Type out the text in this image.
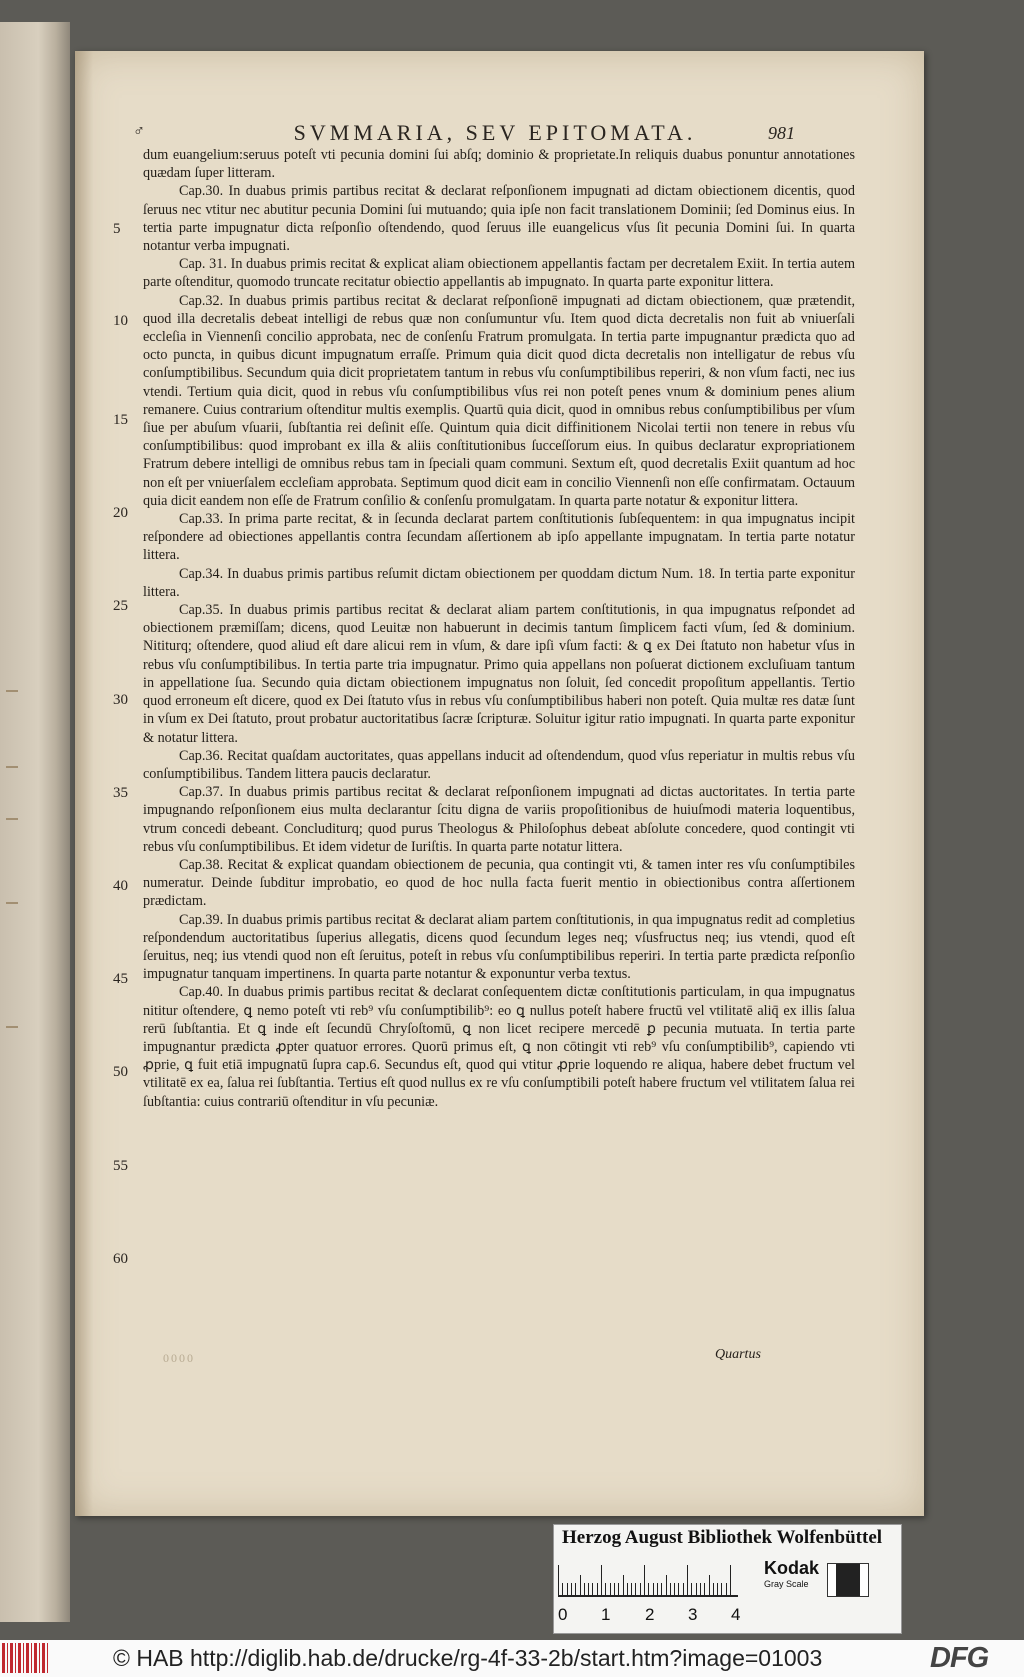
♂	SVMMARIA, SEV EPITOMATA.	981
5
10
15
20
25
30
35
40
45
50
55
60

dum euangelium:seruus poteſt vti pecunia domini ſui abſq; dominio & proprietate.In reliquis duabus ponuntur annotationes quædam ſuper litteram.

Cap.30. In duabus primis partibus recitat & declarat reſponſionem impugnati ad dictam obiectionem dicentis, quod ſeruus nec vtitur nec abutitur pecunia Domini ſui mutuando; quia ipſe non facit translationem Dominii; ſed Dominus eius. In tertia parte impugnatur dicta reſponſio oſtendendo, quod ſeruus ille euangelicus vſus ſit pecunia Domini ſui. In quarta notantur verba impugnati.

Cap. 31. In duabus primis recitat & explicat aliam obiectionem appellantis factam per decretalem Exiit. In tertia autem parte oſtenditur, quomodo truncate recitatur obiectio appellantis ab impugnato. In quarta parte exponitur littera.

Cap.32. In duabus primis partibus recitat & declarat reſponſionē impugnati ad dictam obiectionem, quæ prætendit, quod illa decretalis debeat intelligi de rebus quæ non conſumuntur vſu. Item quod dicta decretalis non fuit ab vniuerſali eccleſia in Viennenſi concilio approbata, nec de conſenſu Fratrum promulgata. In tertia parte impugnantur prædicta quo ad octo puncta, in quibus dicunt impugnatum erraſſe. Primum quia dicit quod dicta decretalis non intelligatur de rebus vſu conſumptibilibus. Secundum quia dicit proprietatem tantum in rebus vſu conſumptibilibus reperiri, & non vſum facti, nec ius vtendi. Tertium quia dicit, quod in rebus vſu conſumptibilibus vſus rei non poteſt penes vnum & dominium penes alium remanere. Cuius contrarium oſtenditur multis exemplis. Quartū quia dicit, quod in omnibus rebus conſumptibilibus per vſum ſiue per abuſum vſuarii, ſubſtantia rei deſinit eſſe. Quintum quia dicit diffinitionem Nicolai tertii non tenere in rebus vſu conſumptibilibus: quod improbant ex illa & aliis conſtitutionibus ſucceſſorum eius. In quibus declaratur expropriationem Fratrum debere intelligi de omnibus rebus tam in ſpeciali quam communi. Sextum eſt, quod decretalis Exiit quantum ad hoc non eſt per vniuerſalem eccleſiam approbata. Septimum quod dicit eam in concilio Viennenſi non eſſe confirmatam. Octauum quia dicit eandem non eſſe de Fratrum conſilio & conſenſu promulgatam. In quarta parte notatur & exponitur littera.

Cap.33. In prima parte recitat, & in ſecunda declarat partem conſtitutionis ſubſequentem: in qua impugnatus incipit reſpondere ad obiectiones appellantis contra ſecundam aſſertionem ab ipſo appellante impugnatam. In tertia parte notatur littera.

Cap.34. In duabus primis partibus reſumit dictam obiectionem per quoddam dictum Num. 18. In tertia parte exponitur littera.

Cap.35. In duabus primis partibus recitat & declarat aliam partem conſtitutionis, in qua impugnatus reſpondet ad obiectionem præmiſſam; dicens, quod Leuitæ non habuerunt in decimis tantum ſimplicem facti vſum, ſed & dominium. Nititurq; oſtendere, quod aliud eſt dare alicui rem in vſum, & dare ipſi vſum facti: & ꝗ ex Dei ſtatuto non habetur vſus in rebus vſu conſumptibilibus. In tertia parte tria impugnatur. Primo quia appellans non poſuerat dictionem excluſiuam tantum in appellatione ſua. Secundo quia dictam obiectionem impugnatus non ſoluit, ſed concedit propoſitum appellantis. Tertio quod erroneum eſt dicere, quod ex Dei ſtatuto vſus in rebus vſu conſumptibilibus haberi non poteſt. Quia multæ res datæ ſunt in vſum ex Dei ſtatuto, prout probatur auctoritatibus ſacræ ſcripturæ. Soluitur igitur ratio impugnati. In quarta parte exponitur & notatur littera.

Cap.36. Recitat quaſdam auctoritates, quas appellans inducit ad oſtendendum, quod vſus reperiatur in multis rebus vſu conſumptibilibus. Tandem littera paucis declaratur.

Cap.37. In duabus primis partibus recitat & declarat reſponſionem impugnati ad dictas auctoritates. In tertia parte impugnando reſponſionem eius multa declarantur ſcitu digna de variis propoſitionibus de huiuſmodi materia loquentibus, vtrum concedi debeant. Concluditurq; quod purus Theologus & Philoſophus debeat abſolute concedere, quod contingit vti rebus vſu conſumptibilibus. Et idem videtur de Iuriſtis. In quarta parte notatur littera.

Cap.38. Recitat & explicat quandam obiectionem de pecunia, qua contingit vti, & tamen inter res vſu conſumptibiles numeratur. Deinde ſubditur improbatio, eo quod de hoc nulla facta fuerit mentio in obiectionibus contra aſſertionem prædictam.

Cap.39. In duabus primis partibus recitat & declarat aliam partem conſtitutionis, in qua impugnatus redit ad completius reſpondendum auctoritatibus ſuperius allegatis, dicens quod ſecundum leges neq; vſusfructus neq; ius vtendi, quod eſt ſeruitus, neq; ius vtendi quod non eſt ſeruitus, poteſt in rebus vſu conſumptibilibus reperiri. In tertia parte prædicta reſponſio impugnatur tanquam impertinens. In quarta parte notantur & exponuntur verba textus.

Cap.40. In duabus primis partibus recitat & declarat conſequentem dictæ conſtitutionis particulam, in qua impugnatus nititur oſtendere, ꝗ nemo poteſt vti reb⁹ vſu conſumptibilib⁹: eo ꝗ nullus poteſt habere fructū vel vtilitatē aliq̄ ex illis ſalua rerū ſubſtantia. Et ꝗ inde eſt ſecundū Chryſoſtomū, ꝗ non licet recipere mercedē ꝑ pecunia mutuata. In tertia parte impugnantur prædicta ꝓpter quatuor errores. Quorū primus eſt, ꝗ non cōtingit vti reb⁹ vſu conſumptibilib⁹, capiendo vti ꝓprie, ꝗ fuit etiā impugnatū ſupra cap.6. Secundus eſt, quod qui vtitur ꝓprie loquendo re aliqua, habere debet fructum vel vtilitatē ex ea, ſalua rei ſubſtantia. Tertius eſt quod nullus ex re vſu conſumptibili poteſt habere fructum vel vtilitatem ſalua rei ſubſtantia: cuius contrariū oſtenditur in vſu pecuniæ.

0000	Quartus
Herzog August Bibliothek Wolfenbüttel
Kodak
Gray Scale
0 1 2 3 4
© HAB http://diglib.hab.de/drucke/rg-4f-33-2b/start.htm?image=01003	DFG
